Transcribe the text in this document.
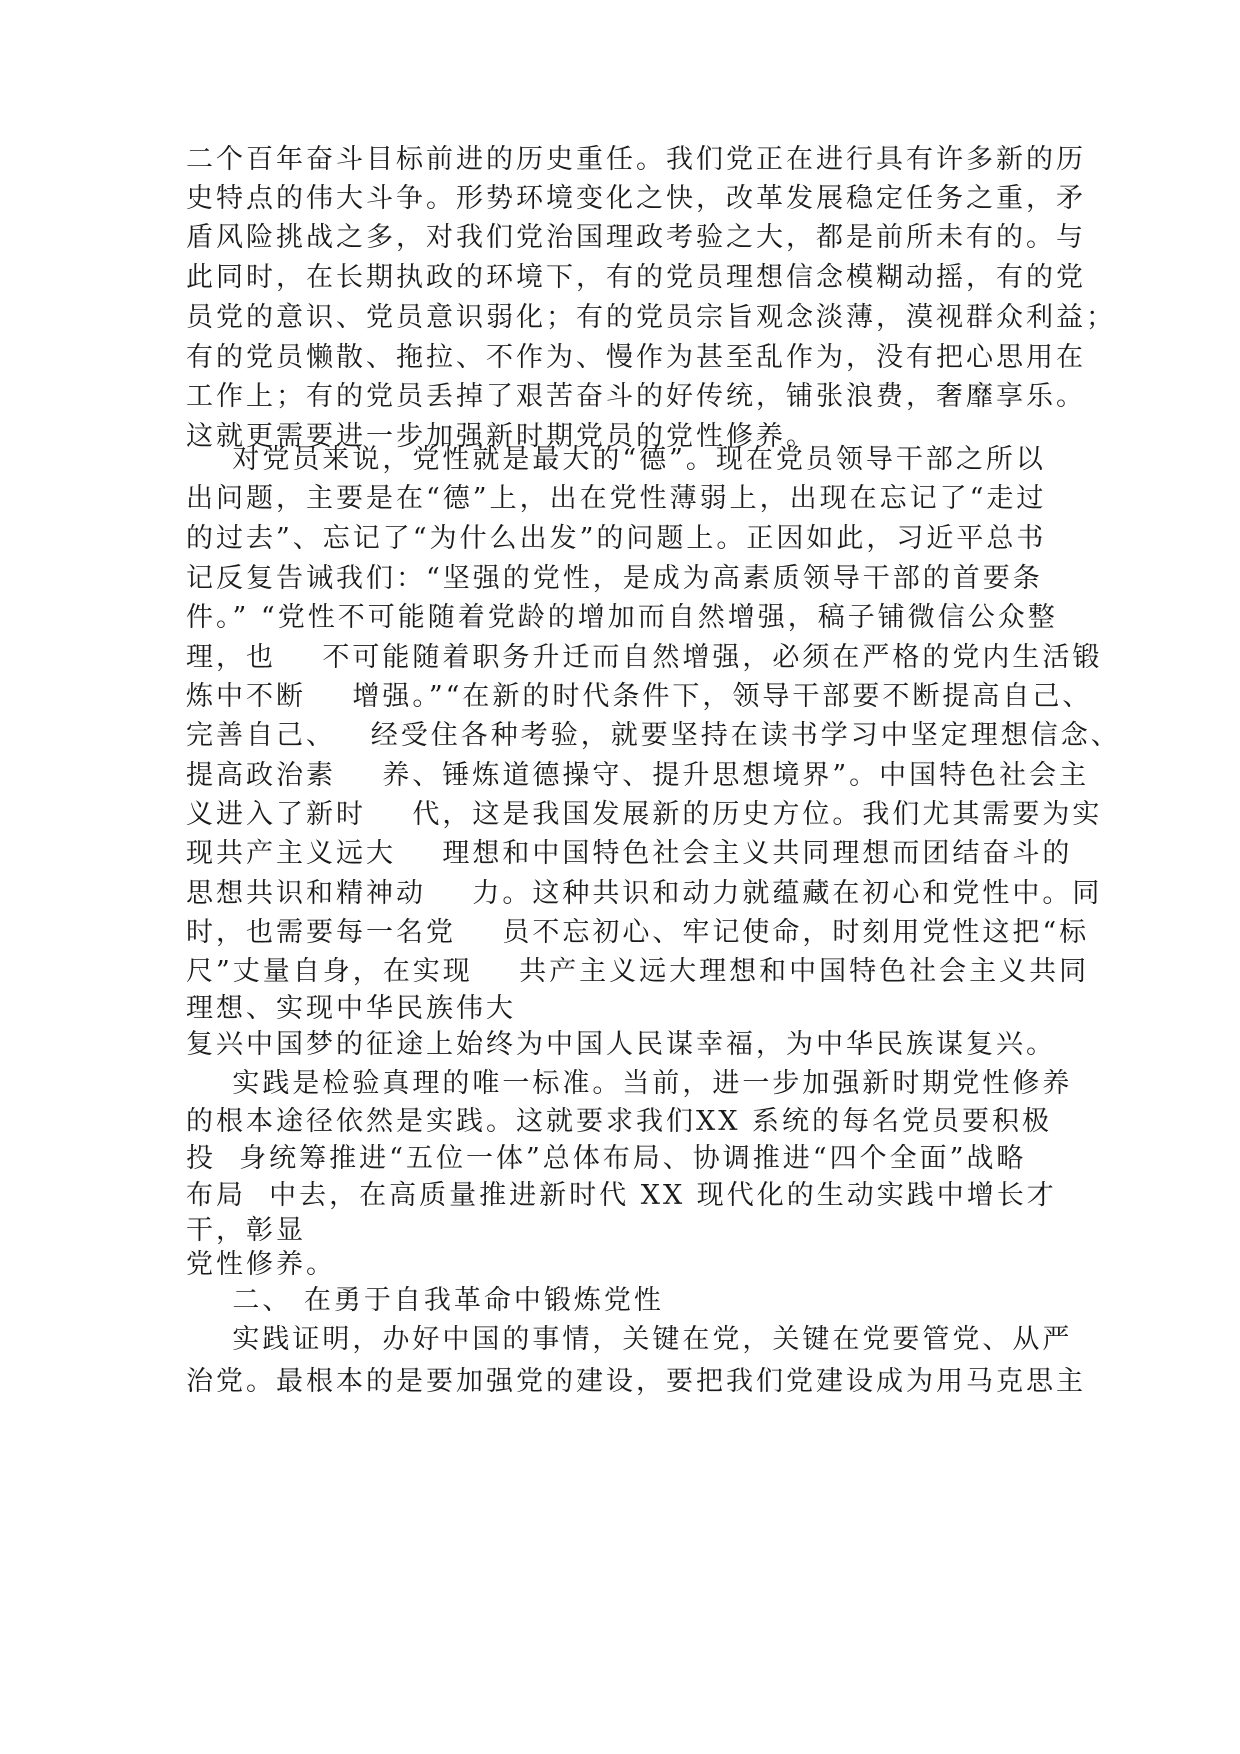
二个百年奋斗目标前进的历史重任。我们党正在进行具有许多新的历
史特点的伟大斗争。形势环境变化之快，改革发展稳定任务之重，矛
盾风险挑战之多，对我们党治国理政考验之大，都是前所未有的。与
此同时，在长期执政的环境下，有的党员理想信念模糊动摇，有的党
员党的意识、党员意识弱化；有的党员宗旨观念淡薄，漠视群众利益；
有的党员懒散、拖拉、不作为、慢作为甚至乱作为，没有把心思用在
工作上；有的党员丢掉了艰苦奋斗的好传统，铺张浪费，奢靡享乐。
这就更需要进一步加强新时期党员的党性修养。
对党员来说，党性就是最大的“德”。现在党员领导干部之所以
出问题，主要是在“德”上，出在党性薄弱上，出现在忘记了“走过
的过去”、忘记了“为什么出发”的问题上。正因如此，习近平总书
记反复告诫我们：“坚强的党性，是成为高素质领导干部的首要条
件。” “党性不可能随着党龄的增加而自然增强，稿子铺微信公众整
理，也    不可能随着职务升迁而自然增强，必须在严格的党内生活锻
炼中不断    增强。”“在新的时代条件下，领导干部要不断提高自己、
完善自己、   经受住各种考验，就要坚持在读书学习中坚定理想信念、
提高政治素    养、锤炼道德操守、提升思想境界”。中国特色社会主
义进入了新时    代，这是我国发展新的历史方位。我们尤其需要为实
现共产主义远大    理想和中国特色社会主义共同理想而团结奋斗的
思想共识和精神动    力。这种共识和动力就蕴藏在初心和党性中。同
时，也需要每一名党    员不忘初心、牢记使命，时刻用党性这把“标
尺”丈量自身，在实现    共产主义远大理想和中国特色社会主义共同
理想、实现中华民族伟大
复兴中国梦的征途上始终为中国人民谋幸福，为中华民族谋复兴。
实践是检验真理的唯一标准。当前，进一步加强新时期党性修养
的根本途径依然是实践。这就要求我们XX 系统的每名党员要积极
投  身统筹推进“五位一体”总体布局、协调推进“四个全面”战略
布局  中去，在高质量推进新时代 XX 现代化的生动实践中增长才
干，彰显
党性修养。
二、 在勇于自我革命中锻炼党性
实践证明，办好中国的事情，关键在党，关键在党要管党、从严
治党。最根本的是要加强党的建设，要把我们党建设成为用马克思主
